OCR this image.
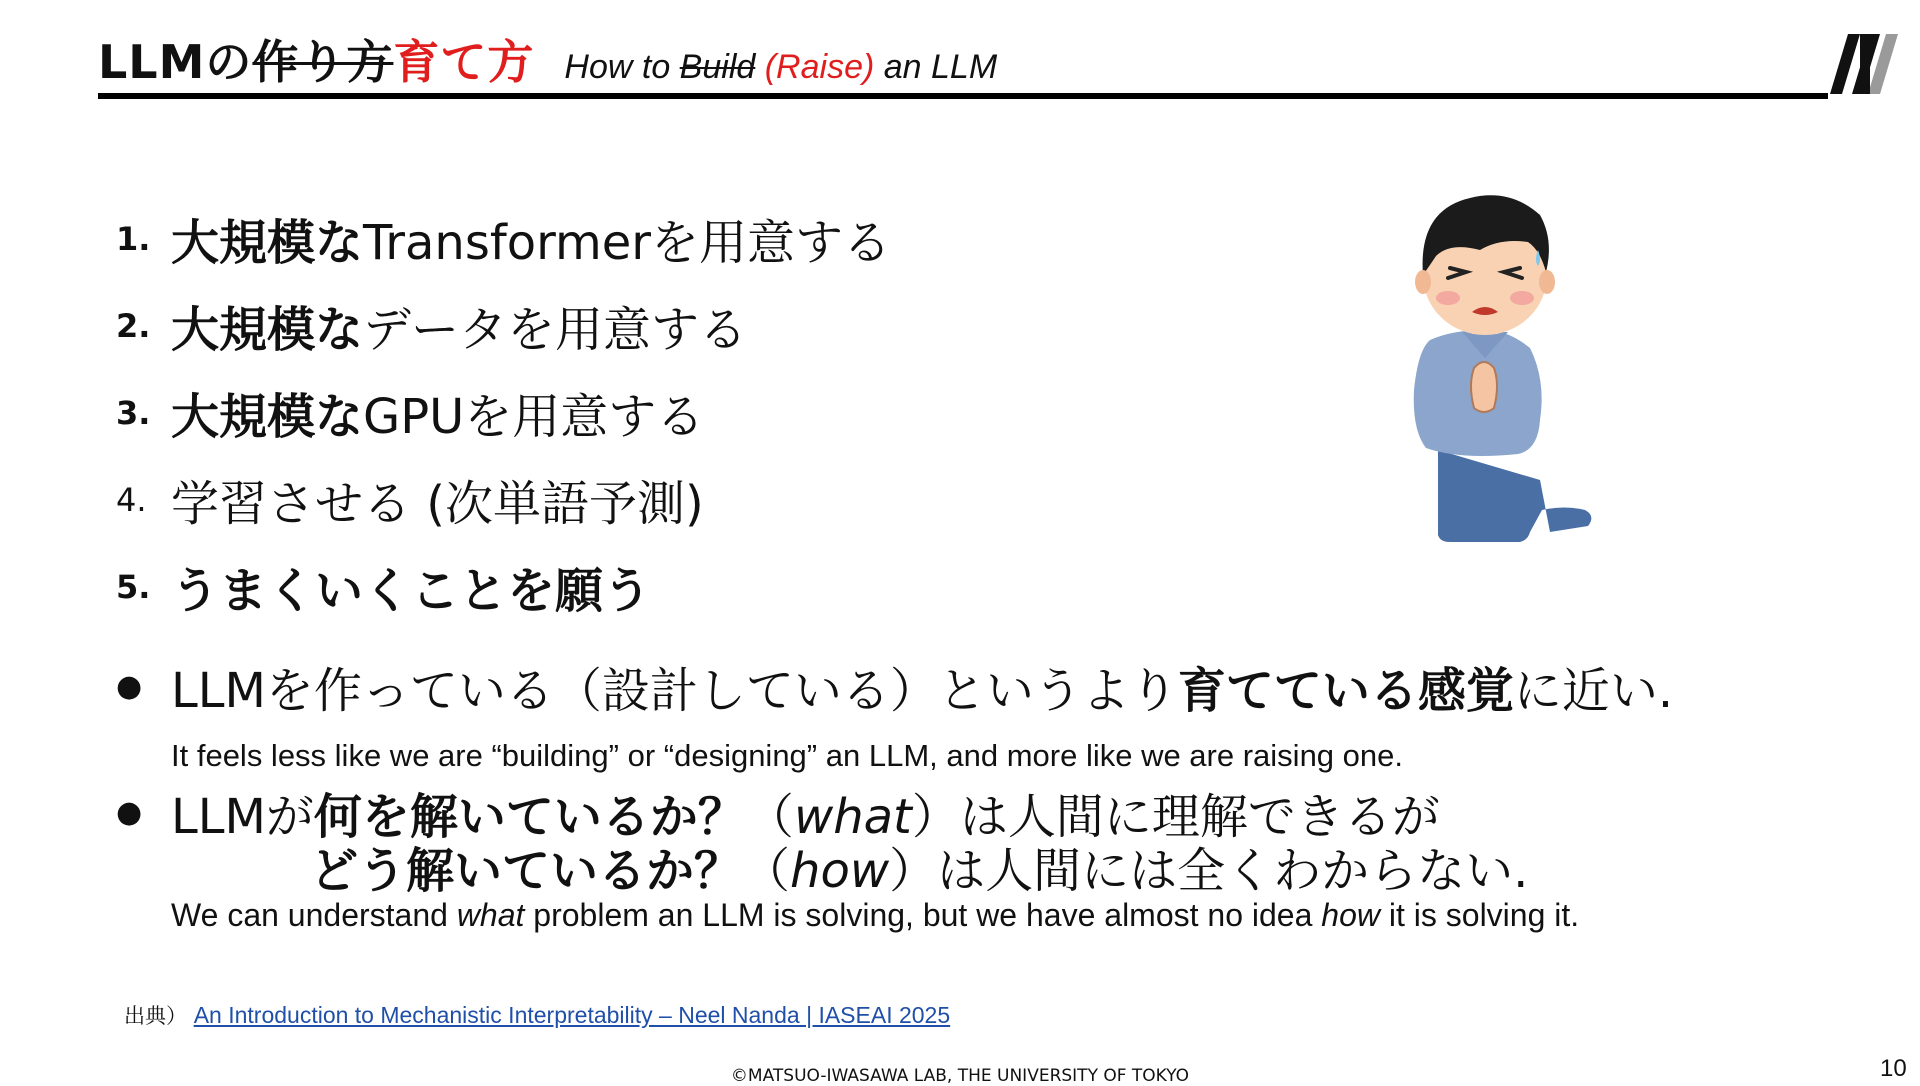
LLMの作り方育て方 How to Build (Raise) an LLM
1. 大規模なTransformerを用意する
2. 大規模なデータを用意する
3. 大規模なGPUを用意する
4. 学習させる (次単語予測)
5. うまくいくことを願う
● LLMを作っている（設計している）というより育てている感覚に近い.
It feels less like we are “building” or “designing” an LLM, and more like we are raising one.
● LLMが何を解いているか？（what）は人間に理解できるが
どう解いているか？（how）は人間には全くわからない.
We can understand what problem an LLM is solving, but we have almost no idea how it is solving it.
出典） An Introduction to Mechanistic Interpretability – Neel Nanda | IASEAI 2025
©MATSUO-IWASAWA LAB, THE UNIVERSITY OF TOKYO	10
